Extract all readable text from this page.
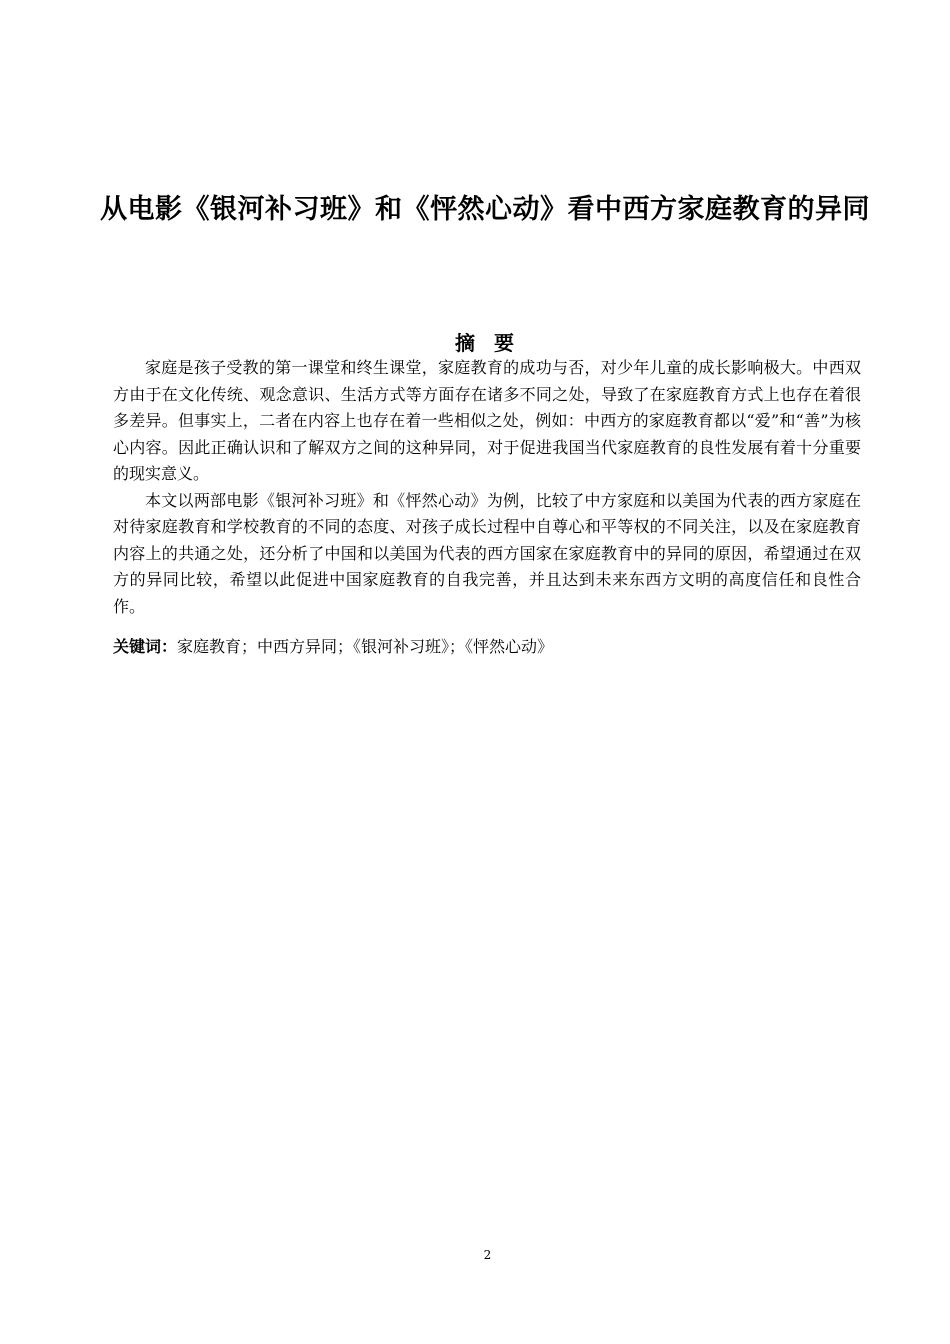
从电影《银河补习班》和《怦然心动》看中西方家庭教育的异同
摘 要

家庭是孩子受教的第一课堂和终生课堂，家庭教育的成功与否，对少年儿童的成长影响极大。中西双方由于在文化传统、观念意识、生活方式等方面存在诸多不同之处，导致了在家庭教育方式上也存在着很多差异。但事实上，二者在内容上也存在着一些相似之处，例如：中西方的家庭教育都以“爱”和“善”为核心内容。因此正确认识和了解双方之间的这种异同，对于促进我国当代家庭教育的良性发展有着十分重要的现实意义。

本文以两部电影《银河补习班》和《怦然心动》为例，比较了中方家庭和以美国为代表的西方家庭在对待家庭教育和学校教育的不同的态度、对孩子成长过程中自尊心和平等权的不同关注，以及在家庭教育内容上的共通之处，还分析了中国和以美国为代表的西方国家在家庭教育中的异同的原因，希望通过在双方的异同比较，希望以此促进中国家庭教育的自我完善，并且达到未来东西方文明的高度信任和良性合作。

关键词：家庭教育；中西方异同；《银河补习班》；《怦然心动》
2
